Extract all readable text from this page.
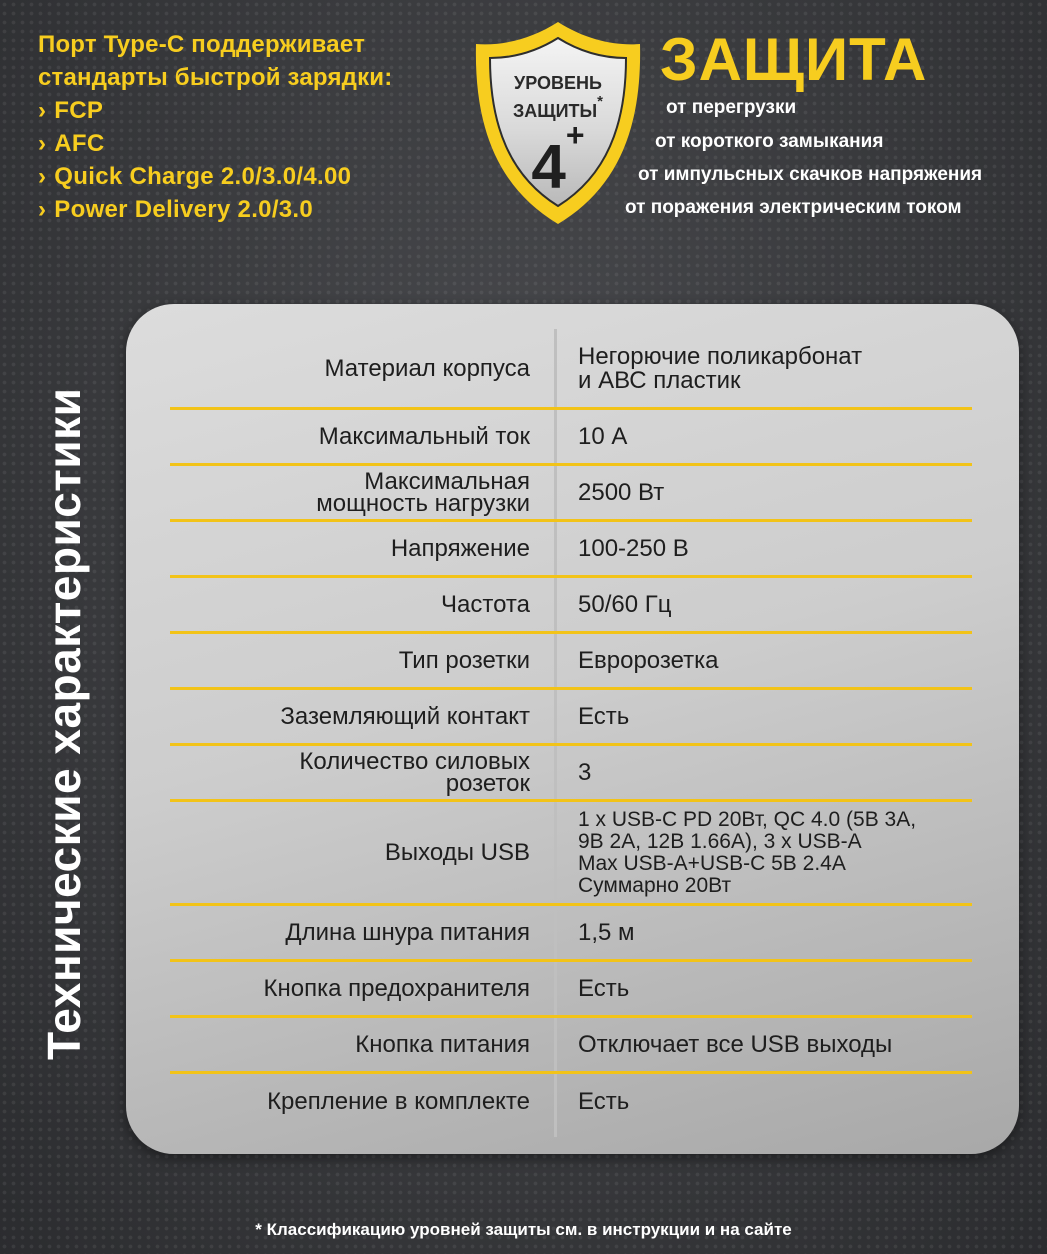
Порт Type-C поддерживает
стандарты быстрой зарядки:
› FCP
› AFC
› Quick Charge 2.0/3.0/4.00
› Power Delivery 2.0/3.0
УРОВЕНЬ
ЗАЩИТЫ*
4+
ЗАЩИТА
от перегрузки
от короткого замыкания
от импульсных скачков напряжения
от поражения электрическим током
Технические характеристики
Материал корпуса Негорючие поликарбонат
и АВС пластик
Максимальный ток 10 А
Максимальная
мощность нагрузки 2500 Вт
Напряжение 100-250 В
Частота 50/60 Гц
Тип розетки Евророзетка
Заземляющий контакт Есть
Количество силовых
розеток 3
Выходы USB
1 x USB-C PD 20Вт, QC 4.0 (5В 3А,
9В 2А, 12В 1.66А), 3 x USB-A
Max USB-A+USB-C 5В 2.4А
Суммарно 20Вт
Длина шнура питания 1,5 м
Кнопка предохранителя Есть
Кнопка питания Отключает все USB выходы
Крепление в комплекте Есть
* Классификацию уровней защиты см. в инструкции и на сайте
